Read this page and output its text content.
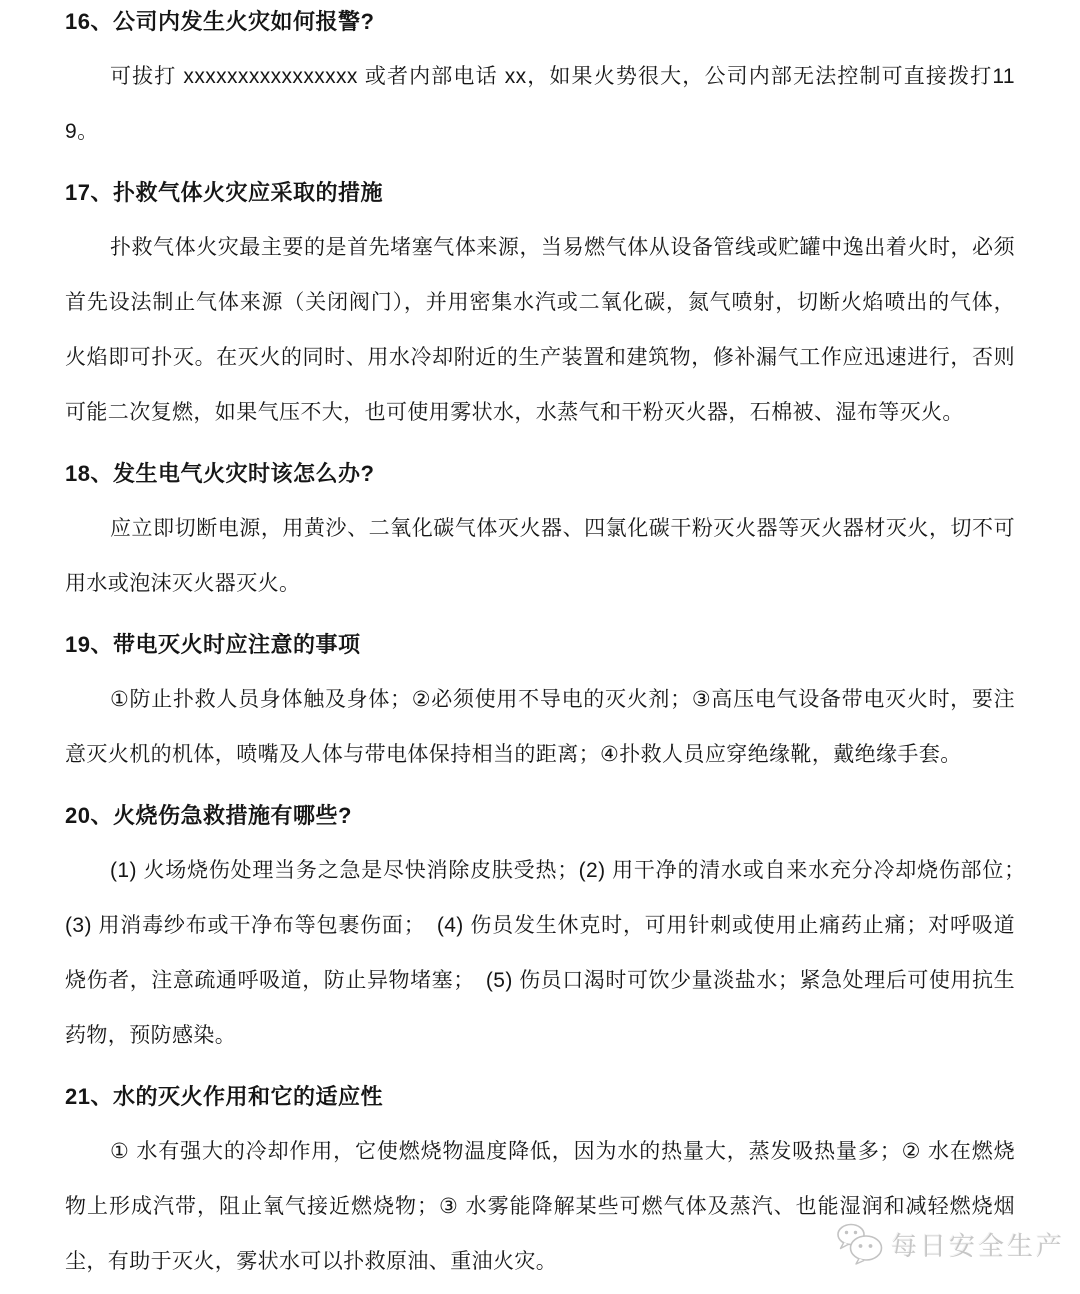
16、公司内发生火灾如何报警?

可拔打 xxxxxxxxxxxxxxxx 或者内部电话 xx，如果火势很大，公司内部无法控制可直接拨打119。

17、扑救气体火灾应采取的措施

扑救气体火灾最主要的是首先堵塞气体来源，当易燃气体从设备管线或贮罐中逸出着火时，必须首先设法制止气体来源（关闭阀门），并用密集水汽或二氧化碳，氮气喷射，切断火焰喷出的气体，火焰即可扑灭。在灭火的同时、用水冷却附近的生产装置和建筑物，修补漏气工作应迅速进行，否则可能二次复燃，如果气压不大，也可使用雾状水，水蒸气和干粉灭火器，石棉被、湿布等灭火。

18、发生电气火灾时该怎么办?

应立即切断电源，用黄沙、二氧化碳气体灭火器、四氯化碳干粉灭火器等灭火器材灭火，切不可用水或泡沫灭火器灭火。

19、带电灭火时应注意的事项

①防止扑救人员身体触及身体；②必须使用不导电的灭火剂；③高压电气设备带电灭火时，要注意灭火机的机体，喷嘴及人体与带电体保持相当的距离；④扑救人员应穿绝缘靴，戴绝缘手套。

20、火烧伤急救措施有哪些?

(1) 火场烧伤处理当务之急是尽快消除皮肤受热；(2) 用干净的清水或自来水充分冷却烧伤部位；　(3) 用消毒纱布或干净布等包裹伤面；　(4) 伤员发生休克时，可用针刺或使用止痛药止痛；对呼吸道烧伤者，注意疏通呼吸道，防止异物堵塞；　(5) 伤员口渴时可饮少量淡盐水；紧急处理后可使用抗生药物，预防感染。

21、水的灭火作用和它的适应性

① 水有强大的冷却作用，它使燃烧物温度降低，因为水的热量大，蒸发吸热量多；② 水在燃烧物上形成汽带，阻止氧气接近燃烧物；③ 水雾能降解某些可燃气体及蒸汽、也能湿润和减轻燃烧烟尘，有助于灭火，雾状水可以扑救原油、重油火灾。

每日安全生产
